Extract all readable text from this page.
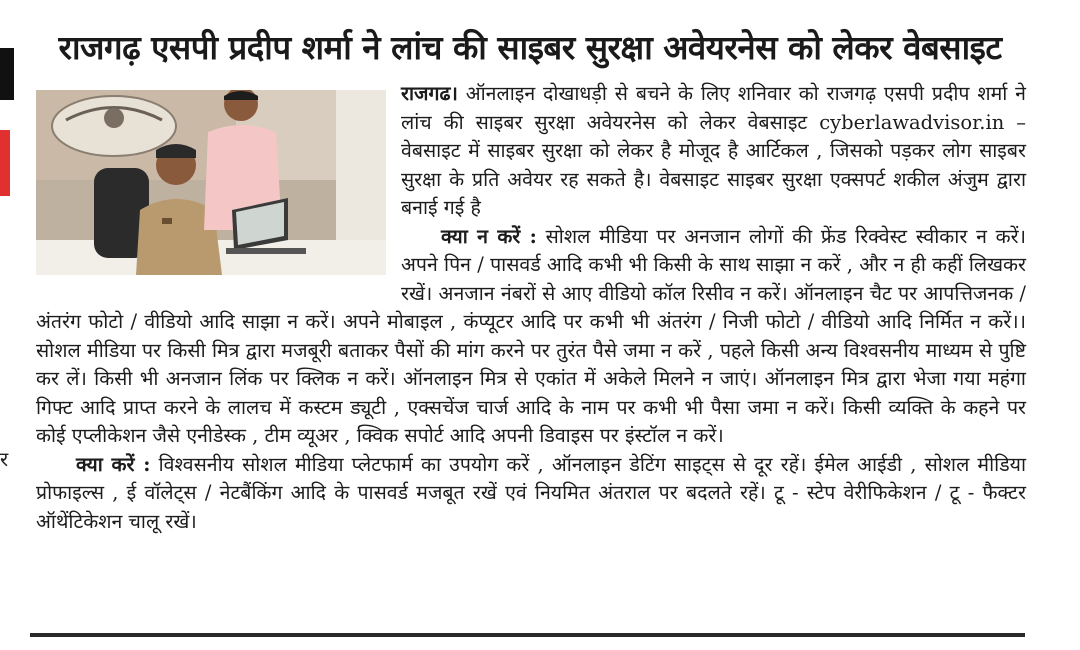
र
राजगढ़ एसपी प्रदीप शर्मा ने लांच की साइबर सुरक्षा अवेयरनेस को लेकर वेबसाइट

राजगढ। ऑनलाइन दोखाधड़ी से बचने के लिए शनिवार को राजगढ़ एसपी प्रदीप शर्मा ने लांच की साइबर सुरक्षा अवेयरनेस को लेकर वेबसाइट cyberlawadvisor.in – वेबसाइट में साइबर सुरक्षा को लेकर है मोजूद है आर्टिकल , जिसको पड़कर लोग साइबर सुरक्षा के प्रति अवेयर रह सकते है। वेबसाइट साइबर सुरक्षा एक्सपर्ट शकील अंजुम द्वारा बनाई गई है

क्या न करें : सोशल मीडिया पर अनजान लोगों की फ्रेंड रिक्वेस्ट स्वीकार न करें। अपने पिन / पासवर्ड आदि कभी भी किसी के साथ साझा न करें , और न ही कहीं लिखकर रखें। अनजान नंबरों से आए वीडियो कॉल रिसीव न करें। ऑनलाइन चैट पर आपत्तिजनक / अंतरंग फोटो / वीडियो आदि साझा न करें। अपने मोबाइल , कंप्यूटर आदि पर कभी भी अंतरंग / निजी फोटो / वीडियो आदि निर्मित न करें।। सोशल मीडिया पर किसी मित्र द्वारा मजबूरी बताकर पैसों की मांग करने पर तुरंत पैसे जमा न करें , पहले किसी अन्य विश्वसनीय माध्यम से पुष्टि कर लें। किसी भी अनजान लिंक पर क्लिक न करें। ऑनलाइन मित्र से एकांत में अकेले मिलने न जाएं। ऑनलाइन मित्र द्वारा भेजा गया महंगा गिफ्ट आदि प्राप्त करने के लालच में कस्टम ड्यूटी , एक्सचेंज चार्ज आदि के नाम पर कभी भी पैसा जमा न करें। किसी व्यक्ति के कहने पर कोई एप्लीकेशन जैसे एनीडेस्क , टीम व्यूअर , क्विक सपोर्ट आदि अपनी डिवाइस पर इंस्टॉल न करें।

क्या करें : विश्वसनीय सोशल मीडिया प्लेटफार्म का उपयोग करें , ऑनलाइन डेटिंग साइट्स से दूर रहें। ईमेल आईडी , सोशल मीडिया प्रोफाइल्स , ई वॉलेट्स / नेटबैंकिंग आदि के पासवर्ड मजबूत रखें एवं नियमित अंतराल पर बदलते रहें। टू - स्टेप वेरीफिकेशन / टू - फैक्टर ऑथेंटिकेशन चालू रखें।
